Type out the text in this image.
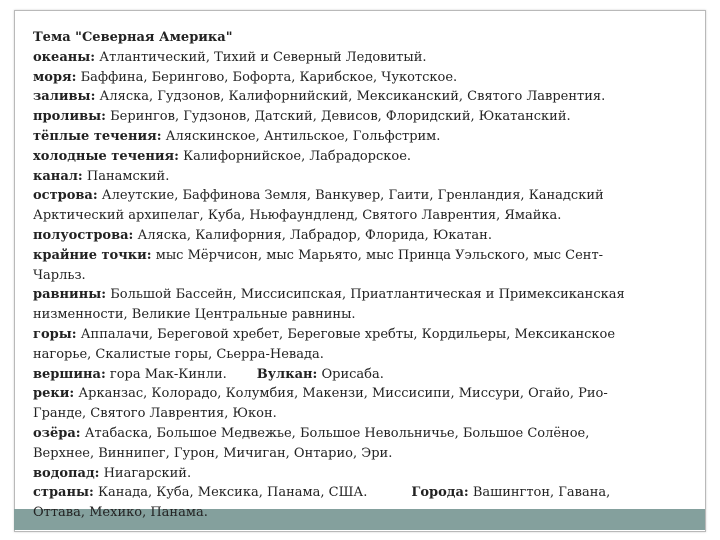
Тема "Северная Америка"
океаны: Атлантический, Тихий и Северный Ледовитый.
моря: Баффина, Берингово, Бофорта, Карибское, Чукотское.
заливы: Аляска, Гудзонов, Калифорнийский, Мексиканский, Святого Лаврентия.
проливы: Берингов, Гудзонов, Датский, Девисов, Флоридский, Юкатанский.
тёплые течения: Аляскинское, Антильское, Гольфстрим.
холодные течения: Калифорнийское, Лабрадорское.
канал: Панамский.
острова: Алеутские, Баффинова Земля, Ванкувер, Гаити, Гренландия, Канадский
Арктический архипелаг, Куба, Ньюфаундленд, Святого Лаврентия, Ямайка.
полуострова: Аляска, Калифорния, Лабрадор, Флорида, Юкатан.
крайние точки: мыс Мёрчисон, мыс Марьято, мыс Принца Уэльского, мыс Сент-
Чарльз.
равнины: Большой Бассейн, Миссисипская, Приатлантическая и Примексиканская
низменности, Великие Центральные равнины.
горы: Аппалачи, Береговой хребет, Береговые хребты, Кордильеры, Мексиканское
нагорье, Скалистые горы, Сьерра-Невада.
вершина: гора Мак-Кинли. Вулкан: Орисаба.
реки: Арканзас, Колорадо, Колумбия, Макензи, Миссисипи, Миссури, Огайо, Рио-
Гранде, Святого Лаврентия, Юкон.
озёра: Атабаска, Большое Медвежье, Большое Невольничье, Большое Солёное,
Верхнее, Виннипег, Гурон, Мичиган, Онтарио, Эри.
водопад: Ниагарский.
страны: Канада, Куба, Мексика, Панама, США.	Города: Вашингтон, Гавана,
Оттава, Мехико, Панама.
